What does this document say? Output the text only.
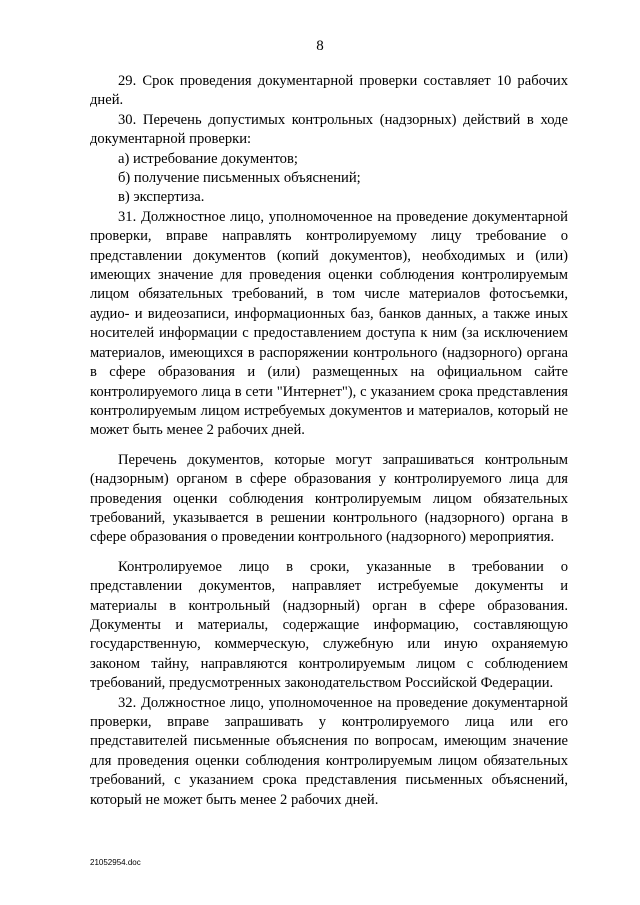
8

29. Срок проведения документарной проверки составляет 10 рабочих дней.

30. Перечень допустимых контрольных (надзорных) действий в ходе документарной проверки:

а) истребование документов;

б) получение письменных объяснений;

в) экспертиза.

31. Должностное лицо, уполномоченное на проведение документарной проверки, вправе направлять контролируемому лицу требование о представлении документов (копий документов), необходимых и (или) имеющих значение для проведения оценки соблюдения контролируемым лицом обязательных требований, в том числе материалов фотосъемки, аудио- и видеозаписи, информационных баз, банков данных, а также иных носителей информации с предоставлением доступа к ним (за исключением материалов, имеющихся в распоряжении контрольного (надзорного) органа в сфере образования и (или) размещенных на официальном сайте контролируемого лица в сети "Интернет"), с указанием срока представления контролируемым лицом истребуемых документов и материалов, который не может быть менее 2 рабочих дней.

Перечень документов, которые могут запрашиваться контрольным (надзорным) органом в сфере образования у контролируемого лица для проведения оценки соблюдения контролируемым лицом обязательных требований, указывается в решении контрольного (надзорного) органа в сфере образования о проведении контрольного (надзорного) мероприятия.

Контролируемое лицо в сроки, указанные в требовании о представлении документов, направляет истребуемые документы и материалы в контрольный (надзорный) орган в сфере образования. Документы и материалы, содержащие информацию, составляющую государственную, коммерческую, служебную или иную охраняемую законом тайну, направляются контролируемым лицом с соблюдением требований, предусмотренных законодательством Российской Федерации.

32. Должностное лицо, уполномоченное на проведение документарной проверки, вправе запрашивать у контролируемого лица или его представителей письменные объяснения по вопросам, имеющим значение для проведения оценки соблюдения контролируемым лицом обязательных требований, с указанием срока представления письменных объяснений, который не может быть менее 2 рабочих дней.

21052954.doc
